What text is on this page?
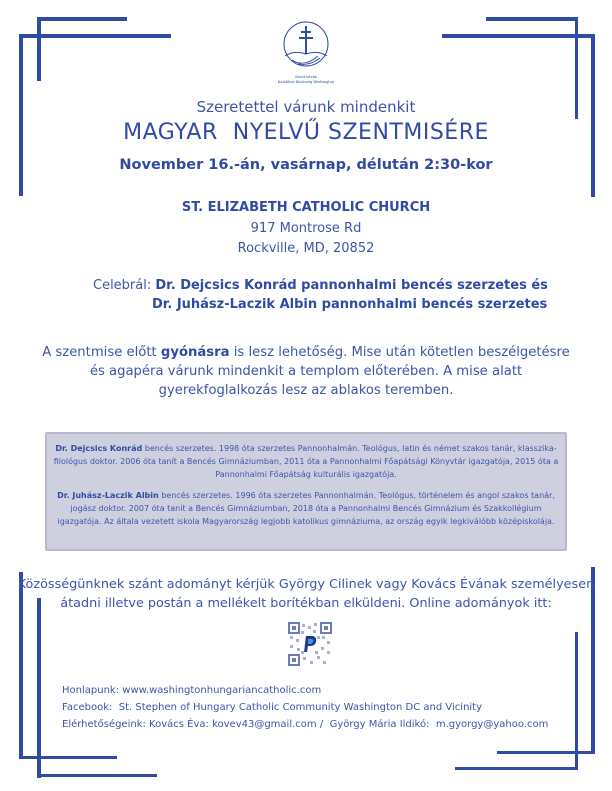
Szent István
Katolikus Közösség Washington
Szeretettel várunk mindenkit
MAGYAR  NYELVŰ SZENTMISÉRE
November 16.-án, vasárnap, délután 2:30-kor
ST. ELIZABETH CATHOLIC CHURCH
917 Montrose Rd
Rockville, MD, 20852
Celebrál: Dr. Dejcsics Konrád pannonhalmi bencés szerzetes és
Dr. Juhász-Laczik Albin pannonhalmi bencés szerzetes
A szentmise előtt gyónásra is lesz lehetőség. Mise után kötetlen beszélgetésre
és agapéra várunk mindenkit a templom előterében. A mise alatt
gyerekfoglalkozás lesz az ablakos teremben.

Dr. Dejcsics Konrád bencés szerzetes. 1998 óta szerzetes Pannonhalmán. Teológus, latin és német szakos tanár, klasszika-filológus doktor. 2006 óta tanít a Bencés Gimnáziumban, 2011 óta a Pannonhalmi Főapátsági Könyvtár igazgatója, 2015 óta a Pannonhalmi Főapátság kulturális igazgatója.

Dr. Juhász-Laczik Albin bencés szerzetes. 1996 óta szerzetes Pannonhalmán. Teológus, történelem és angol szakos tanár, jogász doktor. 2007 óta tanít a Bencés Gimnáziumban, 2018 óta a Pannonhalmi Bencés Gimnázium és Szakkollégium igazgatója. Az általa vezetett iskola Magyarország legjobb katolikus gimnáziuma, az ország egyik legkiválóbb középiskolája.

Közösségünknek szánt adományt kérjük György Cilinek vagy Kovács Évának személyesen
átadni illetve postán a mellékelt borítékban elküldeni. Online adományok itt:
Honlapunk: www.washingtonhungariancatholic.com
Facebook: St. Stephen of Hungary Catholic Community Washington DC and Vicinity
Elérhetőségeink: Kovács Éva: kovev43@gmail.com / György Mária Ildikó:  m.gyorgy@yahoo.com
